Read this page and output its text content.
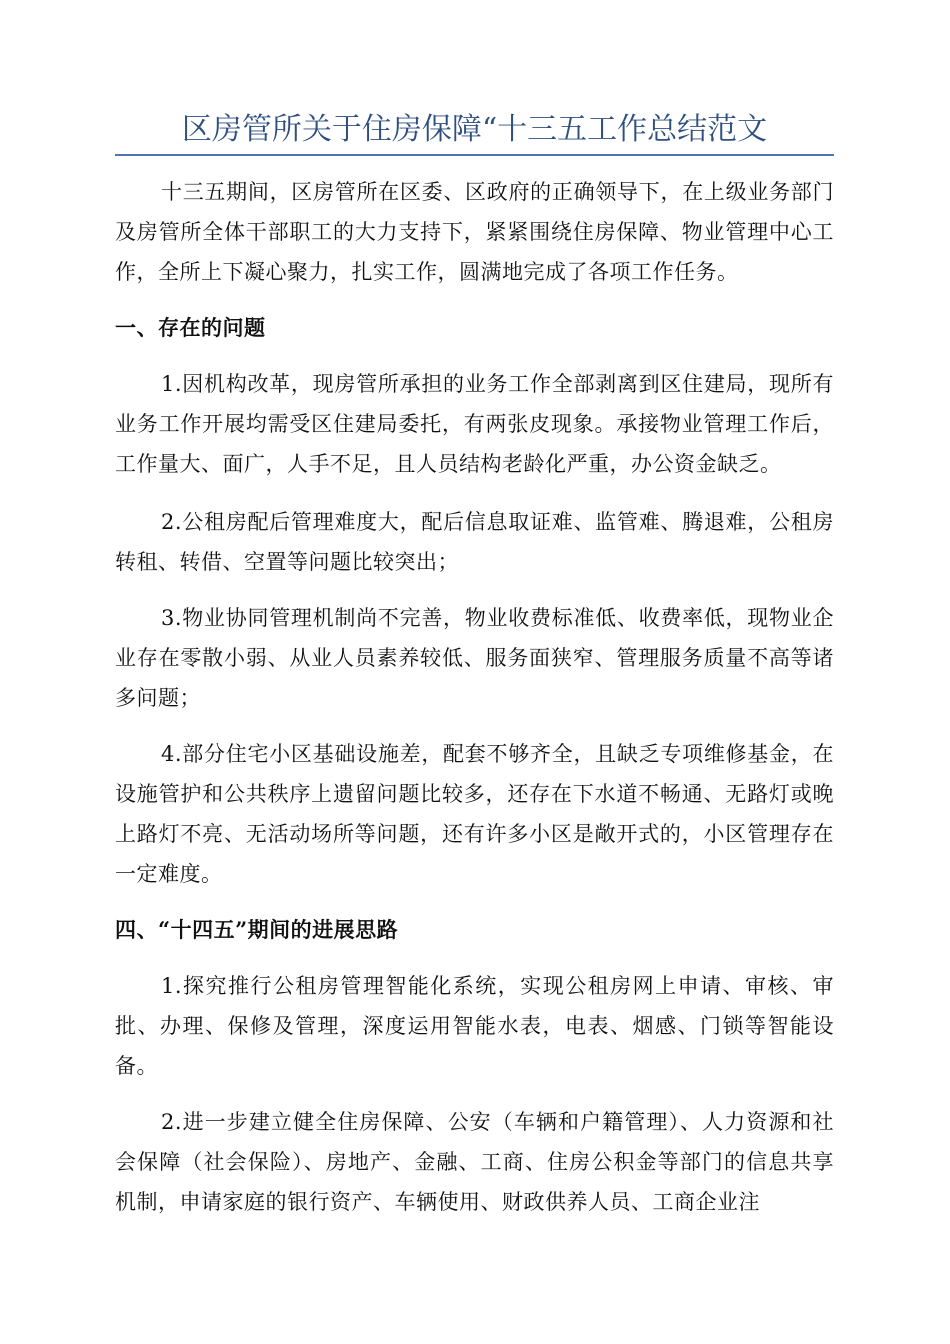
区房管所关于住房保障“十三五工作总结范文

十三五期间，区房管所在区委、区政府的正确领导下，在上级业务部门及房管所全体干部职工的大力支持下，紧紧围绕住房保障、物业管理中心工作，全所上下凝心聚力，扎实工作，圆满地完成了各项工作任务。

一、存在的问题

1.因机构改革，现房管所承担的业务工作全部剥离到区住建局，现所有业务工作开展均需受区住建局委托，有两张皮现象。承接物业管理工作后，工作量大、面广，人手不足，且人员结构老龄化严重，办公资金缺乏。

2.公租房配后管理难度大，配后信息取证难、监管难、腾退难，公租房转租、转借、空置等问题比较突出；

3.物业协同管理机制尚不完善，物业收费标准低、收费率低，现物业企业存在零散小弱、从业人员素养较低、服务面狭窄、管理服务质量不高等诸多问题；

4.部分住宅小区基础设施差，配套不够齐全，且缺乏专项维修基金，在设施管护和公共秩序上遗留问题比较多，还存在下水道不畅通、无路灯或晚上路灯不亮、无活动场所等问题，还有许多小区是敞开式的，小区管理存在一定难度。

四、“十四五”期间的进展思路

1.探究推行公租房管理智能化系统，实现公租房网上申请、审核、审批、办理、保修及管理，深度运用智能水表，电表、烟感、门锁等智能设备。

2.进一步建立健全住房保障、公安（车辆和户籍管理）、人力资源和社会保障（社会保险）、房地产、金融、工商、住房公积金等部门的信息共享机制，申请家庭的银行资产、车辆使用、财政供养人员、工商企业注
